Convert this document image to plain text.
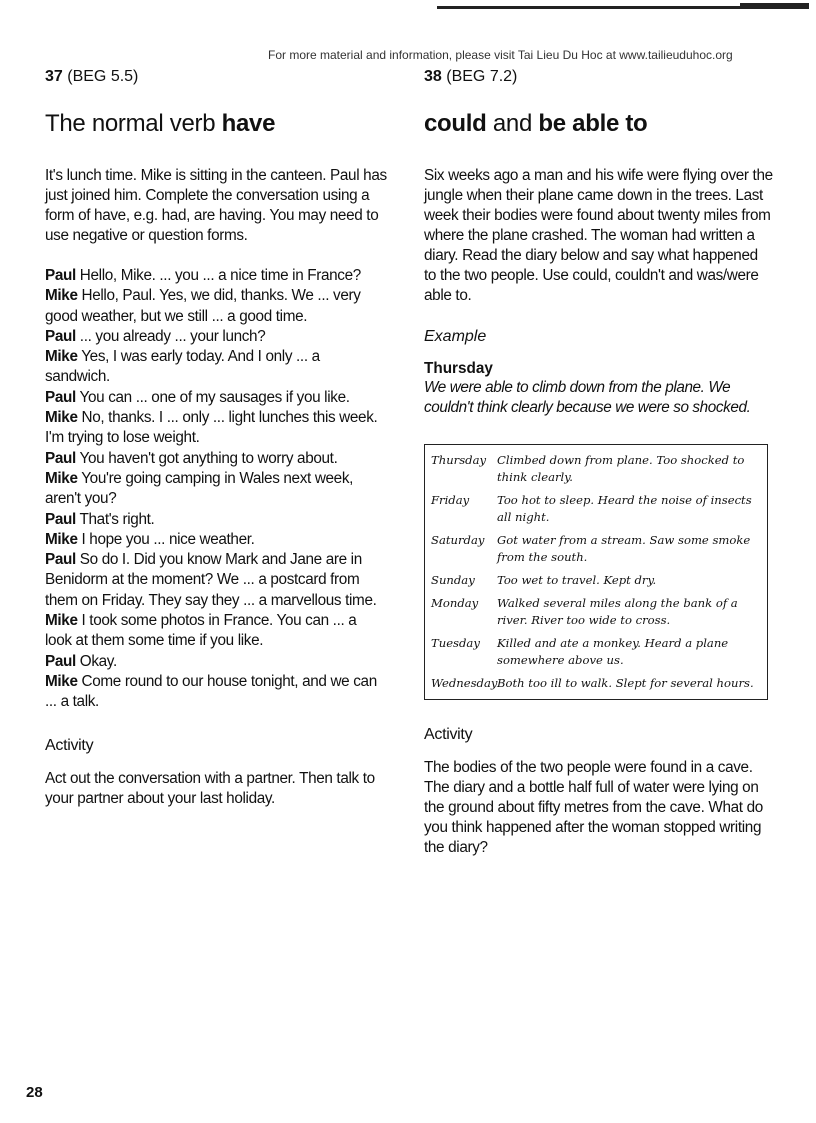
For more material and information, please visit Tai Lieu Du Hoc at www.tailieuduhoc.org
37 (BEG 5.5)
The normal verb have

It's lunch time. Mike is sitting in the canteen. Paul has
just joined him. Complete the conversation using a
form of have, e.g. had, are having. You may need to
use negative or question forms.

Paul Hello, Mike. ... you ... a nice time in France?
Mike Hello, Paul. Yes, we did, thanks. We ... very
good weather, but we still ... a good time.
Paul ... you already ... your lunch?
Mike Yes, I was early today. And I only ... a
sandwich.
Paul You can ... one of my sausages if you like.
Mike No, thanks. I ... only ... light lunches this week.
I'm trying to lose weight.
Paul You haven't got anything to worry about.
Mike You're going camping in Wales next week,
aren't you?
Paul That's right.
Mike I hope you ... nice weather.
Paul So do I. Did you know Mark and Jane are in
Benidorm at the moment? We ... a postcard from
them on Friday. They say they ... a marvellous time.
Mike I took some photos in France. You can ... a
look at them some time if you like.
Paul Okay.
Mike Come round to our house tonight, and we can
... a talk.
Activity

Act out the conversation with a partner. Then talk to
your partner about your last holiday.

38 (BEG 7.2)
could and be able to

Six weeks ago a man and his wife were flying over the
jungle when their plane came down in the trees. Last
week their bodies were found about twenty miles from
where the plane crashed. The woman had written a
diary. Read the diary below and say what happened
to the two people. Use could, couldn't and was/were
able to.

Example
Thursday

We were able to climb down from the plane. We
couldn't think clearly because we were so shocked.

Thursday Climbed down from plane. Too shocked to think clearly.
Friday	Too hot to sleep. Heard the noise of insects all night.
Saturday	Got water from a stream. Saw some smoke from the south.
Sunday	Too wet to travel. Kept dry.
Monday	Walked several miles along the bank of a river. River too wide to cross.
Tuesday	Killed and ate a monkey. Heard a plane somewhere above us.
Wednesday Both too ill to walk. Slept for several hours.
Activity

The bodies of the two people were found in a cave.
The diary and a bottle half full of water were lying on
the ground about fifty metres from the cave. What do
you think happened after the woman stopped writing
the diary?

28
